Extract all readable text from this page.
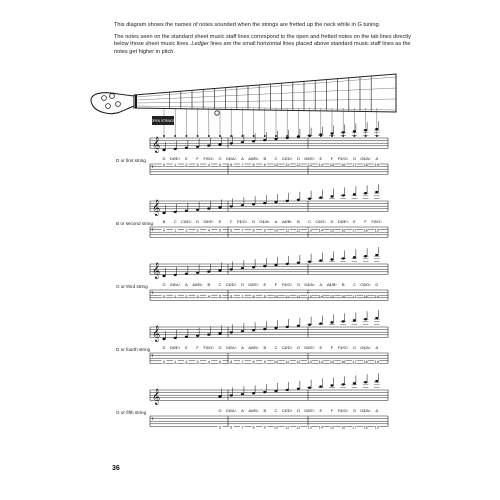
This diagram shows the names of notes sounded when the strings are fretted up the neck while in G tuning.

The notes seen on the standard sheet music staff lines correspond to the open and fretted notes on the tab lines directly below those sheet music lines. Ledger lines are the small horizontal lines placed above standard music staff lines as the notes get higher in pitch.

OPEN STRINGS
𝄞
D D♯/E♭ E F F♯/G♭ G G♯/A♭ A A♯/B♭ B C C♯/D♭ D D♯/E♭ E F F♯/G♭ G G♯/A♭ A
T 0 1 2 3 4 5 6 7 8 9 10 11 12 13 14 15 16 17 18 19
𝄞
B C C♯/D♭ D D♯/E♭ E F F♯/G♭ G G♯/A♭ A A♯/B♭ B C C♯/D♭ D D♯/E♭ E F F♯/G♭
T 0 1 2 3 4 5 6 7 8 9 10 11 12 13 14 15 16 17 18 19
𝄞
G G♯/A♭ A A♯/B♭ B C C♯/D♭ D D♯/E♭ E F F♯/G♭ G G♯/A♭ A A♯/B♭ B C C♯/D♭ D
T
0 1 2 3 4 5 6 7 8 9 10 11 12 13 14 15 16 17 18 19
𝄞
D D♯/E♭ E F F♯/G♭ G G♯/A♭ A A♯/B♭ B C C♯/D♭ D D♯/E♭ E F F♯/G♭ G G♯/A♭ A
T
0 1 2 3 4 5 6 7 8 9 10 11 12 13 14 15 16 17 18 19
𝄞
G G♯/A♭ A A♯/B♭ B C C♯/D♭ D D♯/E♭ E F F♯/G♭ G G♯/A♭ A
T
5 6 7 8 9 10 11 12 13 14 15 16 17 18 19
D or first string
B or second string
G or third string
D or fourth string
G or fifth string
36
